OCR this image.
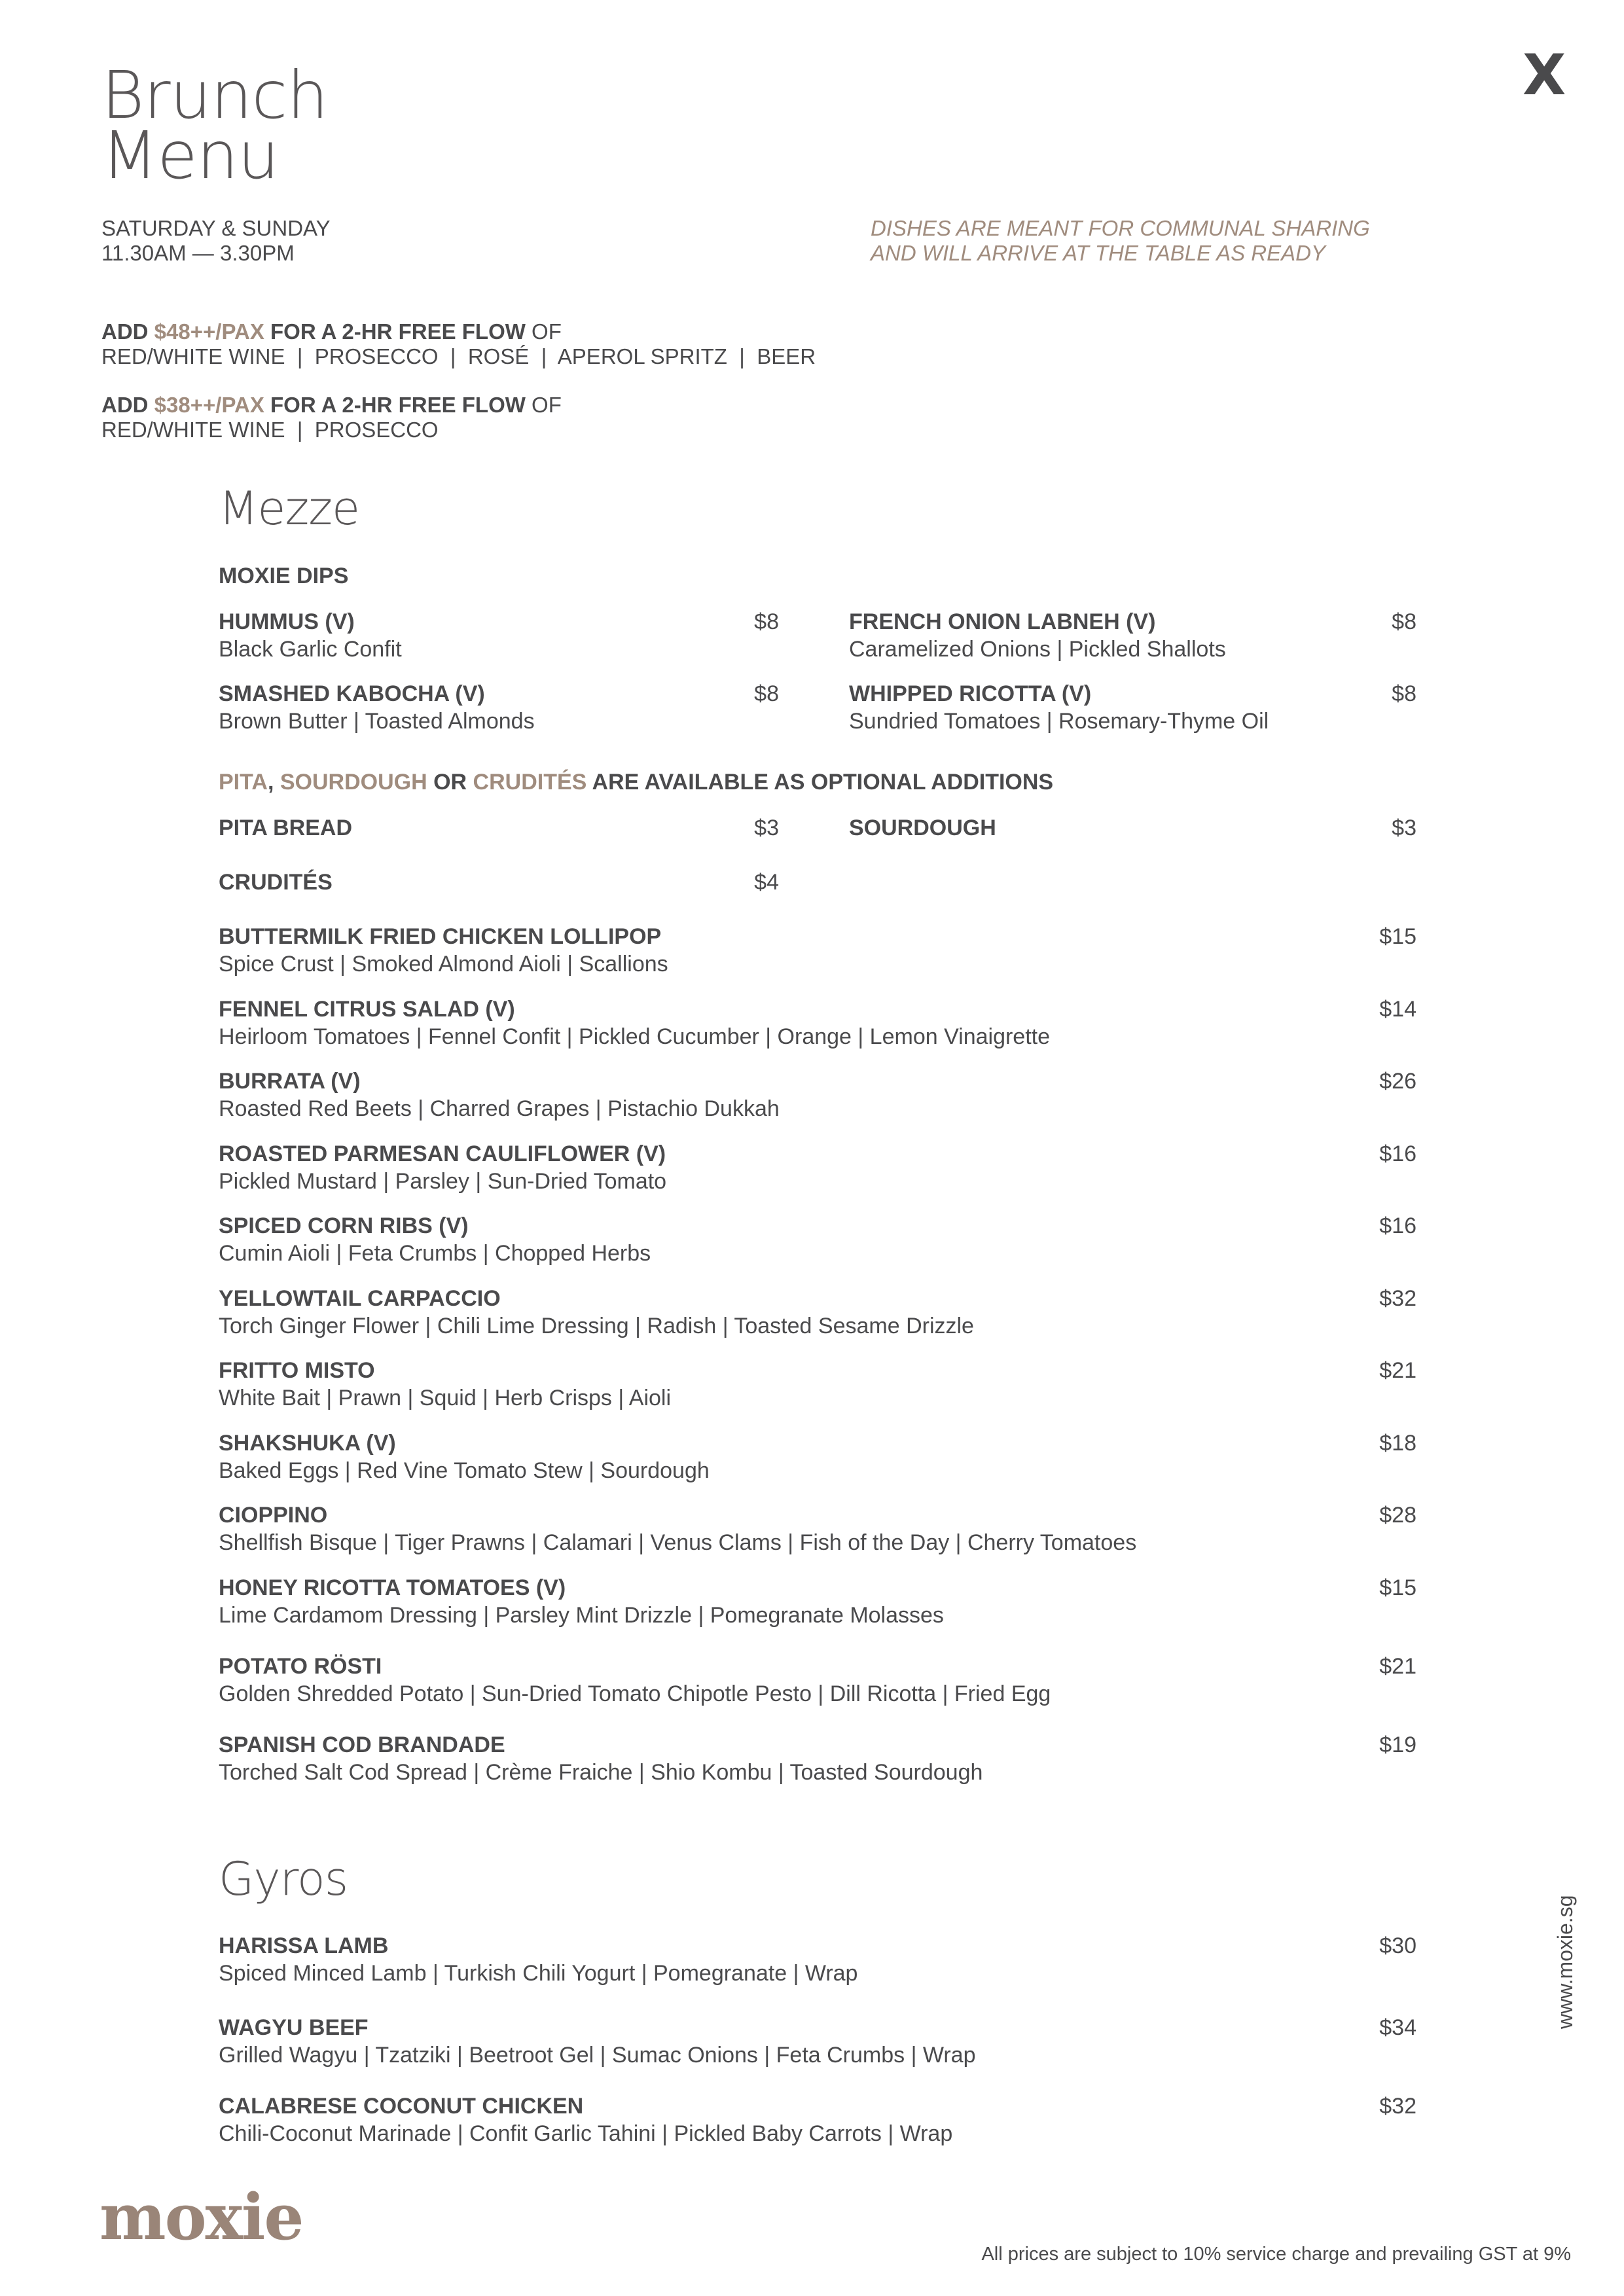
Brunch
Menu
X
SATURDAY & SUNDAY
11.30AM — 3.30PM
DISHES ARE MEANT FOR COMMUNAL SHARING
AND WILL ARRIVE AT THE TABLE AS READY
ADD $48++/PAX FOR A 2-HR FREE FLOW OF
RED/WHITE WINE  |  PROSECCO  |  ROSÉ  |  APEROL SPRITZ  |  BEER
ADD $38++/PAX FOR A 2-HR FREE FLOW OF
RED/WHITE WINE  |  PROSECCO
Mezze
MOXIE DIPS
HUMMUS (V)	$8
Black Garlic Confit
FRENCH ONION LABNEH (V)	$8
Caramelized Onions | Pickled Shallots
SMASHED KABOCHA (V)	$8
Brown Butter | Toasted Almonds
WHIPPED RICOTTA (V)	$8
Sundried Tomatoes | Rosemary-Thyme Oil
PITA, SOURDOUGH OR CRUDITÉS ARE AVAILABLE AS OPTIONAL ADDITIONS
PITA BREAD	$3	SOURDOUGH	$3
CRUDITÉS	$4
BUTTERMILK FRIED CHICKEN LOLLIPOP	$15
Spice Crust | Smoked Almond Aioli | Scallions
FENNEL CITRUS SALAD (V)	$14
Heirloom Tomatoes | Fennel Confit | Pickled Cucumber | Orange | Lemon Vinaigrette
BURRATA (V)	$26
Roasted Red Beets | Charred Grapes | Pistachio Dukkah
ROASTED PARMESAN CAULIFLOWER (V)	$16
Pickled Mustard | Parsley | Sun-Dried Tomato
SPICED CORN RIBS (V)	$16
Cumin Aioli | Feta Crumbs | Chopped Herbs
YELLOWTAIL CARPACCIO	$32
Torch Ginger Flower | Chili Lime Dressing | Radish | Toasted Sesame Drizzle
FRITTO MISTO	$21
White Bait | Prawn | Squid | Herb Crisps | Aioli
SHAKSHUKA (V)	$18
Baked Eggs | Red Vine Tomato Stew | Sourdough
CIOPPINO	$28
Shellfish Bisque | Tiger Prawns | Calamari | Venus Clams | Fish of the Day | Cherry Tomatoes
HONEY RICOTTA TOMATOES (V)	$15
Lime Cardamom Dressing | Parsley Mint Drizzle | Pomegranate Molasses
POTATO RÖSTI	$21
Golden Shredded Potato | Sun-Dried Tomato Chipotle Pesto | Dill Ricotta | Fried Egg
SPANISH COD BRANDADE	$19
Torched Salt Cod Spread | Crème Fraiche | Shio Kombu | Toasted Sourdough
Gyros
HARISSA LAMB	$30
Spiced Minced Lamb | Turkish Chili Yogurt | Pomegranate | Wrap
WAGYU BEEF	$34
Grilled Wagyu | Tzatziki | Beetroot Gel | Sumac Onions | Feta Crumbs | Wrap
CALABRESE COCONUT CHICKEN	$32
Chili-Coconut Marinade | Confit Garlic Tahini | Pickled Baby Carrots | Wrap
moxie
www.moxie.sg
All prices are subject to 10% service charge and prevailing GST at 9%
